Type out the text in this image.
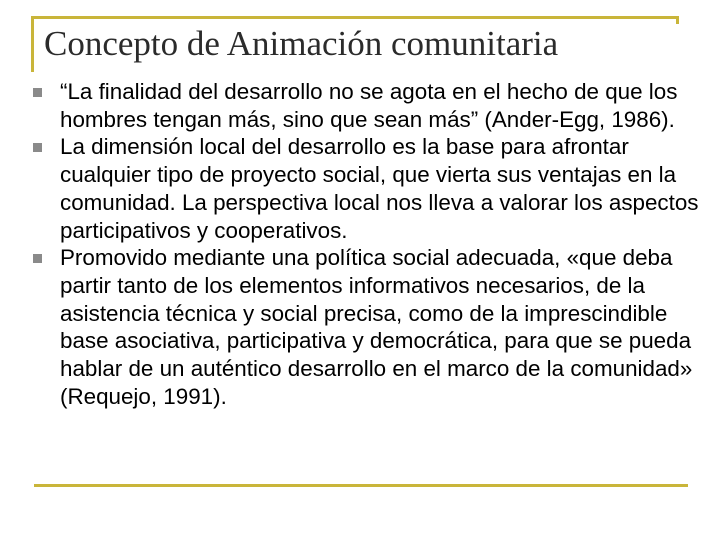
Concepto de Animación comunitaria
“La finalidad del desarrollo no se agota en el hecho de que los hombres tengan más, sino que sean más” (Ander-Egg, 1986).
La dimensión local del desarrollo es la base para afrontar cualquier tipo de proyecto social, que vierta sus ventajas en la comunidad. La perspectiva local nos lleva a valorar los aspectos participativos y cooperativos.
Promovido mediante una política social adecuada, «que deba partir tanto de los elementos informativos necesarios, de la asistencia técnica y social precisa, como de la imprescindible base asociativa, participativa y democrática, para que se pueda hablar de un auténtico desarrollo en el marco de la comunidad» (Requejo, 1991).
